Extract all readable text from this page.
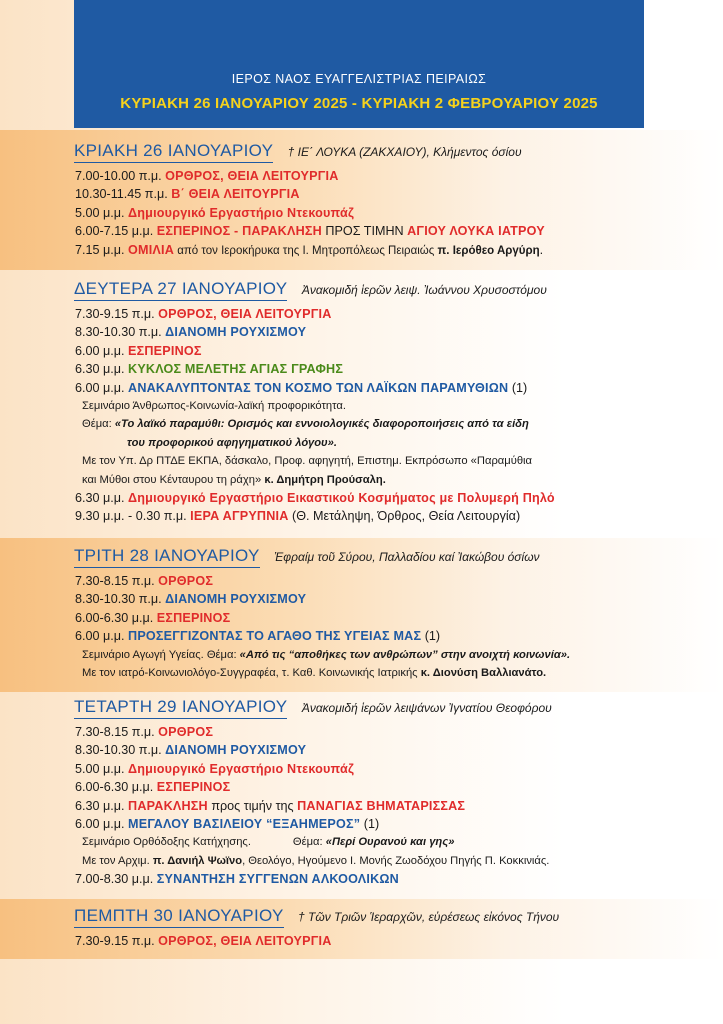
ΙΕΡΟΣ ΝΑΟΣ ΕΥΑΓΓΕΛΙΣΤΡΙΑΣ ΠΕΙΡΑΙΩΣ
ΚΥΡΙΑΚΗ 26 ΙΑΝΟΥΑΡΙΟΥ 2025 - ΚΥΡΙΑΚΗ 2 ΦΕΒΡΟΥΑΡΙΟΥ 2025
ΚΡΙΑΚΗ 26 ΙΑΝΟΥΑΡΙΟΥ † ΙΕ΄ ΛΟΥΚΑ (ΖΑΚΧΑΙΟΥ), Κλήμεντος όσίου
7.00-10.00 π.μ. ΟΡΘΡΟΣ, ΘΕΙΑ ΛΕΙΤΟΥΡΓΙΑ
10.30-11.45 π.μ. Β΄ ΘΕΙΑ ΛΕΙΤΟΥΡΓΙΑ
5.00 μ.μ. Δημιουργικό Εργαστήριο Ντεκουπάζ
6.00-7.15 μ.μ. ΕΣΠΕΡΙΝΟΣ - ΠΑΡΑΚΛΗΣΗ ΠΡΟΣ ΤΙΜΗΝ ΑΓΙΟΥ ΛΟΥΚΑ ΙΑΤΡΟΥ
7.15 μ.μ. ΟΜΙΛΙΑ από τον Ιεροκήρυκα της Ι. Μητροπόλεως Πειραιώς π. Ιερόθεο Αργύρη.
ΔΕΥΤΕΡΑ 27 ΙΑΝΟΥΑΡΙΟΥ Ἀνακομιδή ἱερῶν λειψ. Ἰωάννου Χρυσοστόμου
7.30-9.15 π.μ. ΟΡΘΡΟΣ, ΘΕΙΑ ΛΕΙΤΟΥΡΓΙΑ
8.30-10.30 π.μ. ΔΙΑΝΟΜΗ ΡΟΥΧΙΣΜΟΥ
6.00 μ.μ. ΕΣΠΕΡΙΝΟΣ
6.30 μ.μ. ΚΥΚΛΟΣ ΜΕΛΕΤΗΣ ΑΓΙΑΣ ΓΡΑΦΗΣ
6.00 μ.μ. ΑΝΑΚΑΛΥΠΤΟΝΤΑΣ ΤΟΝ ΚΟΣΜΟ ΤΩΝ ΛΑΪΚΩΝ ΠΑΡΑΜΥΘΙΩΝ (1)
Σεμινάριο Άνθρωπος-Κοινωνία-λαϊκή προφορικότητα.
Θέμα: «Το λαϊκό παραμύθι: Ορισμός και εννοιολογικές διαφοροποιήσεις από τα είδη
του προφορικού αφηγηματικού λόγου».
Με τον Υπ. Δρ ΠΤΔΕ ΕΚΠΑ, δάσκαλο, Προφ. αφηγητή, Επιστημ. Εκπρόσωπο «Παραμύθια
και Μύθοι στου Κένταυρου τη ράχη» κ. Δημήτρη Προύσαλη.
6.30 μ.μ. Δημιουργικό Εργαστήριο Εικαστικού Κοσμήματος με Πολυμερή Πηλό
9.30 μ.μ. - 0.30 π.μ. ΙΕΡΑ ΑΓΡΥΠΝΙΑ (Θ. Μετάληψη, Όρθρος, Θεία Λειτουργία)
ΤΡΙΤΗ 28 ΙΑΝΟΥΑΡΙΟΥ Ἐφραίμ τοῦ Σύρου, Παλλαδίου καί Ἰακώβου όσίων
7.30-8.15 π.μ. ΟΡΘΡΟΣ
8.30-10.30 π.μ. ΔΙΑΝΟΜΗ ΡΟΥΧΙΣΜΟΥ
6.00-6.30 μ.μ. ΕΣΠΕΡΙΝΟΣ
6.00 μ.μ. ΠΡΟΣΕΓΓΙΖΟΝΤΑΣ ΤΟ ΑΓΑΘΟ ΤΗΣ ΥΓΕΙΑΣ ΜΑΣ (1)
Σεμινάριο Αγωγή Υγείας. Θέμα: «Από τις “αποθήκες των ανθρώπων” στην ανοιχτή κοινωνία».
Με τον ιατρό-Κοινωνιολόγο-Συγγραφέα, τ. Καθ. Κοινωνικής Ιατρικής κ. Διονύση Βαλλιανάτο.
ΤΕΤΑΡΤΗ 29 ΙΑΝΟΥΑΡΙΟΥ Ἀνακομιδή ἱερῶν λειψάνων Ἰγνατίου Θεοφόρου
7.30-8.15 π.μ. ΟΡΘΡΟΣ
8.30-10.30 π.μ. ΔΙΑΝΟΜΗ ΡΟΥΧΙΣΜΟΥ
5.00 μ.μ. Δημιουργικό Εργαστήριο Ντεκουπάζ
6.00-6.30 μ.μ. ΕΣΠΕΡΙΝΟΣ
6.30 μ.μ. ΠΑΡΑΚΛΗΣΗ προς τιμήν της ΠΑΝΑΓΙΑΣ ΒΗΜΑΤΑΡΙΣΣΑΣ
6.00 μ.μ. ΜΕΓΑΛΟΥ ΒΑΣΙΛΕΙΟΥ “ΕΞΑΗΜΕΡΟΣ” (1)
Σεμινάριο Ορθόδοξης Κατήχησης.	Θέμα: «Περί Ουρανού και γης»
Με τον Αρχιμ. π. Δανιήλ Ψωϊνο, Θεολόγο, Ηγούμενο Ι. Μονής Ζωοδόχου Πηγής Π. Κοκκινιάς.
7.00-8.30 μ.μ. ΣΥΝΑΝΤΗΣΗ ΣΥΓΓΕΝΩΝ ΑΛΚΟΟΛΙΚΩΝ
ΠΕΜΠΤΗ 30 ΙΑΝΟΥΑΡΙΟΥ † Τῶν Τριῶν Ἱεραρχῶν, εὑρέσεως εἰκόνος Τήνου
7.30-9.15 π.μ. ΟΡΘΡΟΣ, ΘΕΙΑ ΛΕΙΤΟΥΡΓΙΑ
